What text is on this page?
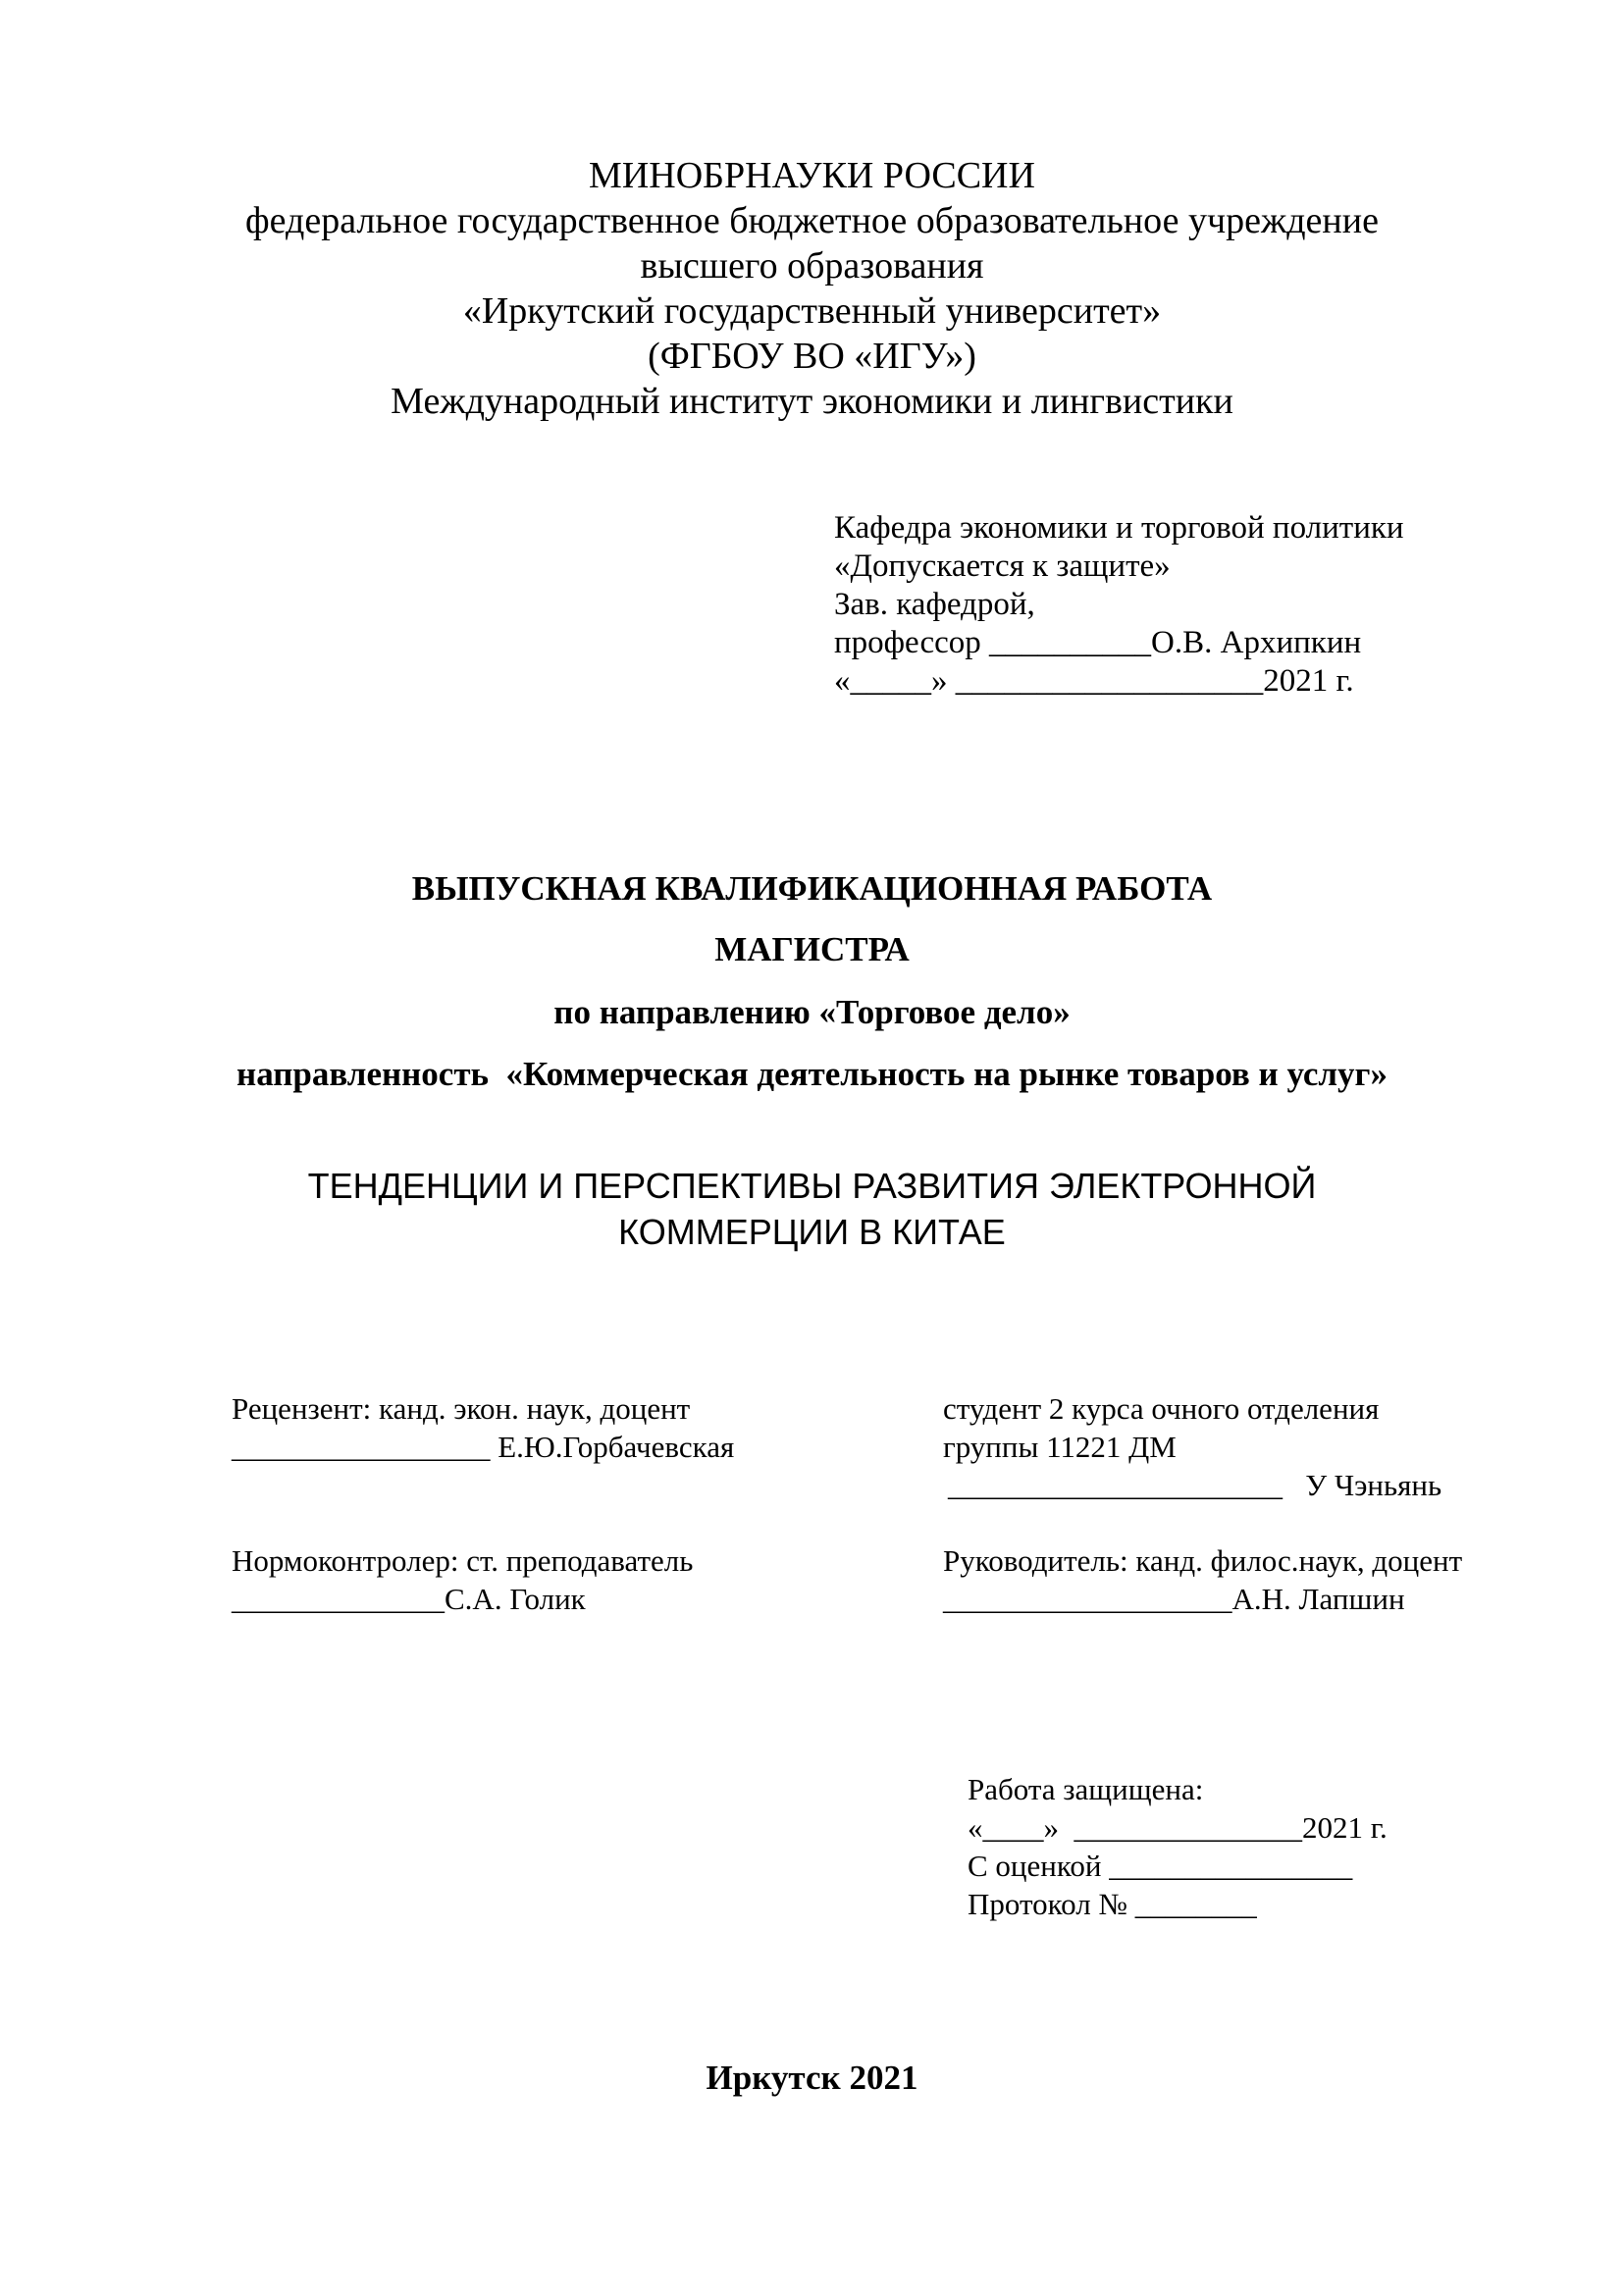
МИНОБРНАУКИ РОССИИ
федеральное государственное бюджетное образовательное учреждение
высшего образования
«Иркутский государственный университет»
(ФГБОУ ВО «ИГУ»)
Международный институт экономики и лингвистики
Кафедра экономики и торговой политики
«Допускается к защите»
Зав. кафедрой,
профессор __________О.В. Архипкин
«_____» ___________________2021 г.
ВЫПУСКНАЯ КВАЛИФИКАЦИОННАЯ РАБОТА
МАГИСТРА
по направлению «Торговое дело»
направленность  «Коммерческая деятельность на рынке товаров и услуг»
ТЕНДЕНЦИИ И ПЕРСПЕКТИВЫ РАЗВИТИЯ ЭЛЕКТРОННОЙ
КОММЕРЦИИ В КИТАЕ
Рецензент: канд. экон. наук, доцент
_________________ Е.Ю.Горбачевская
студент 2 курса очного отделения
группы 11221 ДМ
______________________   У Чэньянь
Нормоконтролер: ст. преподаватель
______________С.А. Голик
Руководитель: канд. филос.наук, доцент
___________________А.Н. Лапшин
Работа защищена:
«____»  _______________2021 г.
С оценкой ________________
Протокол № ________
Иркутск 2021
